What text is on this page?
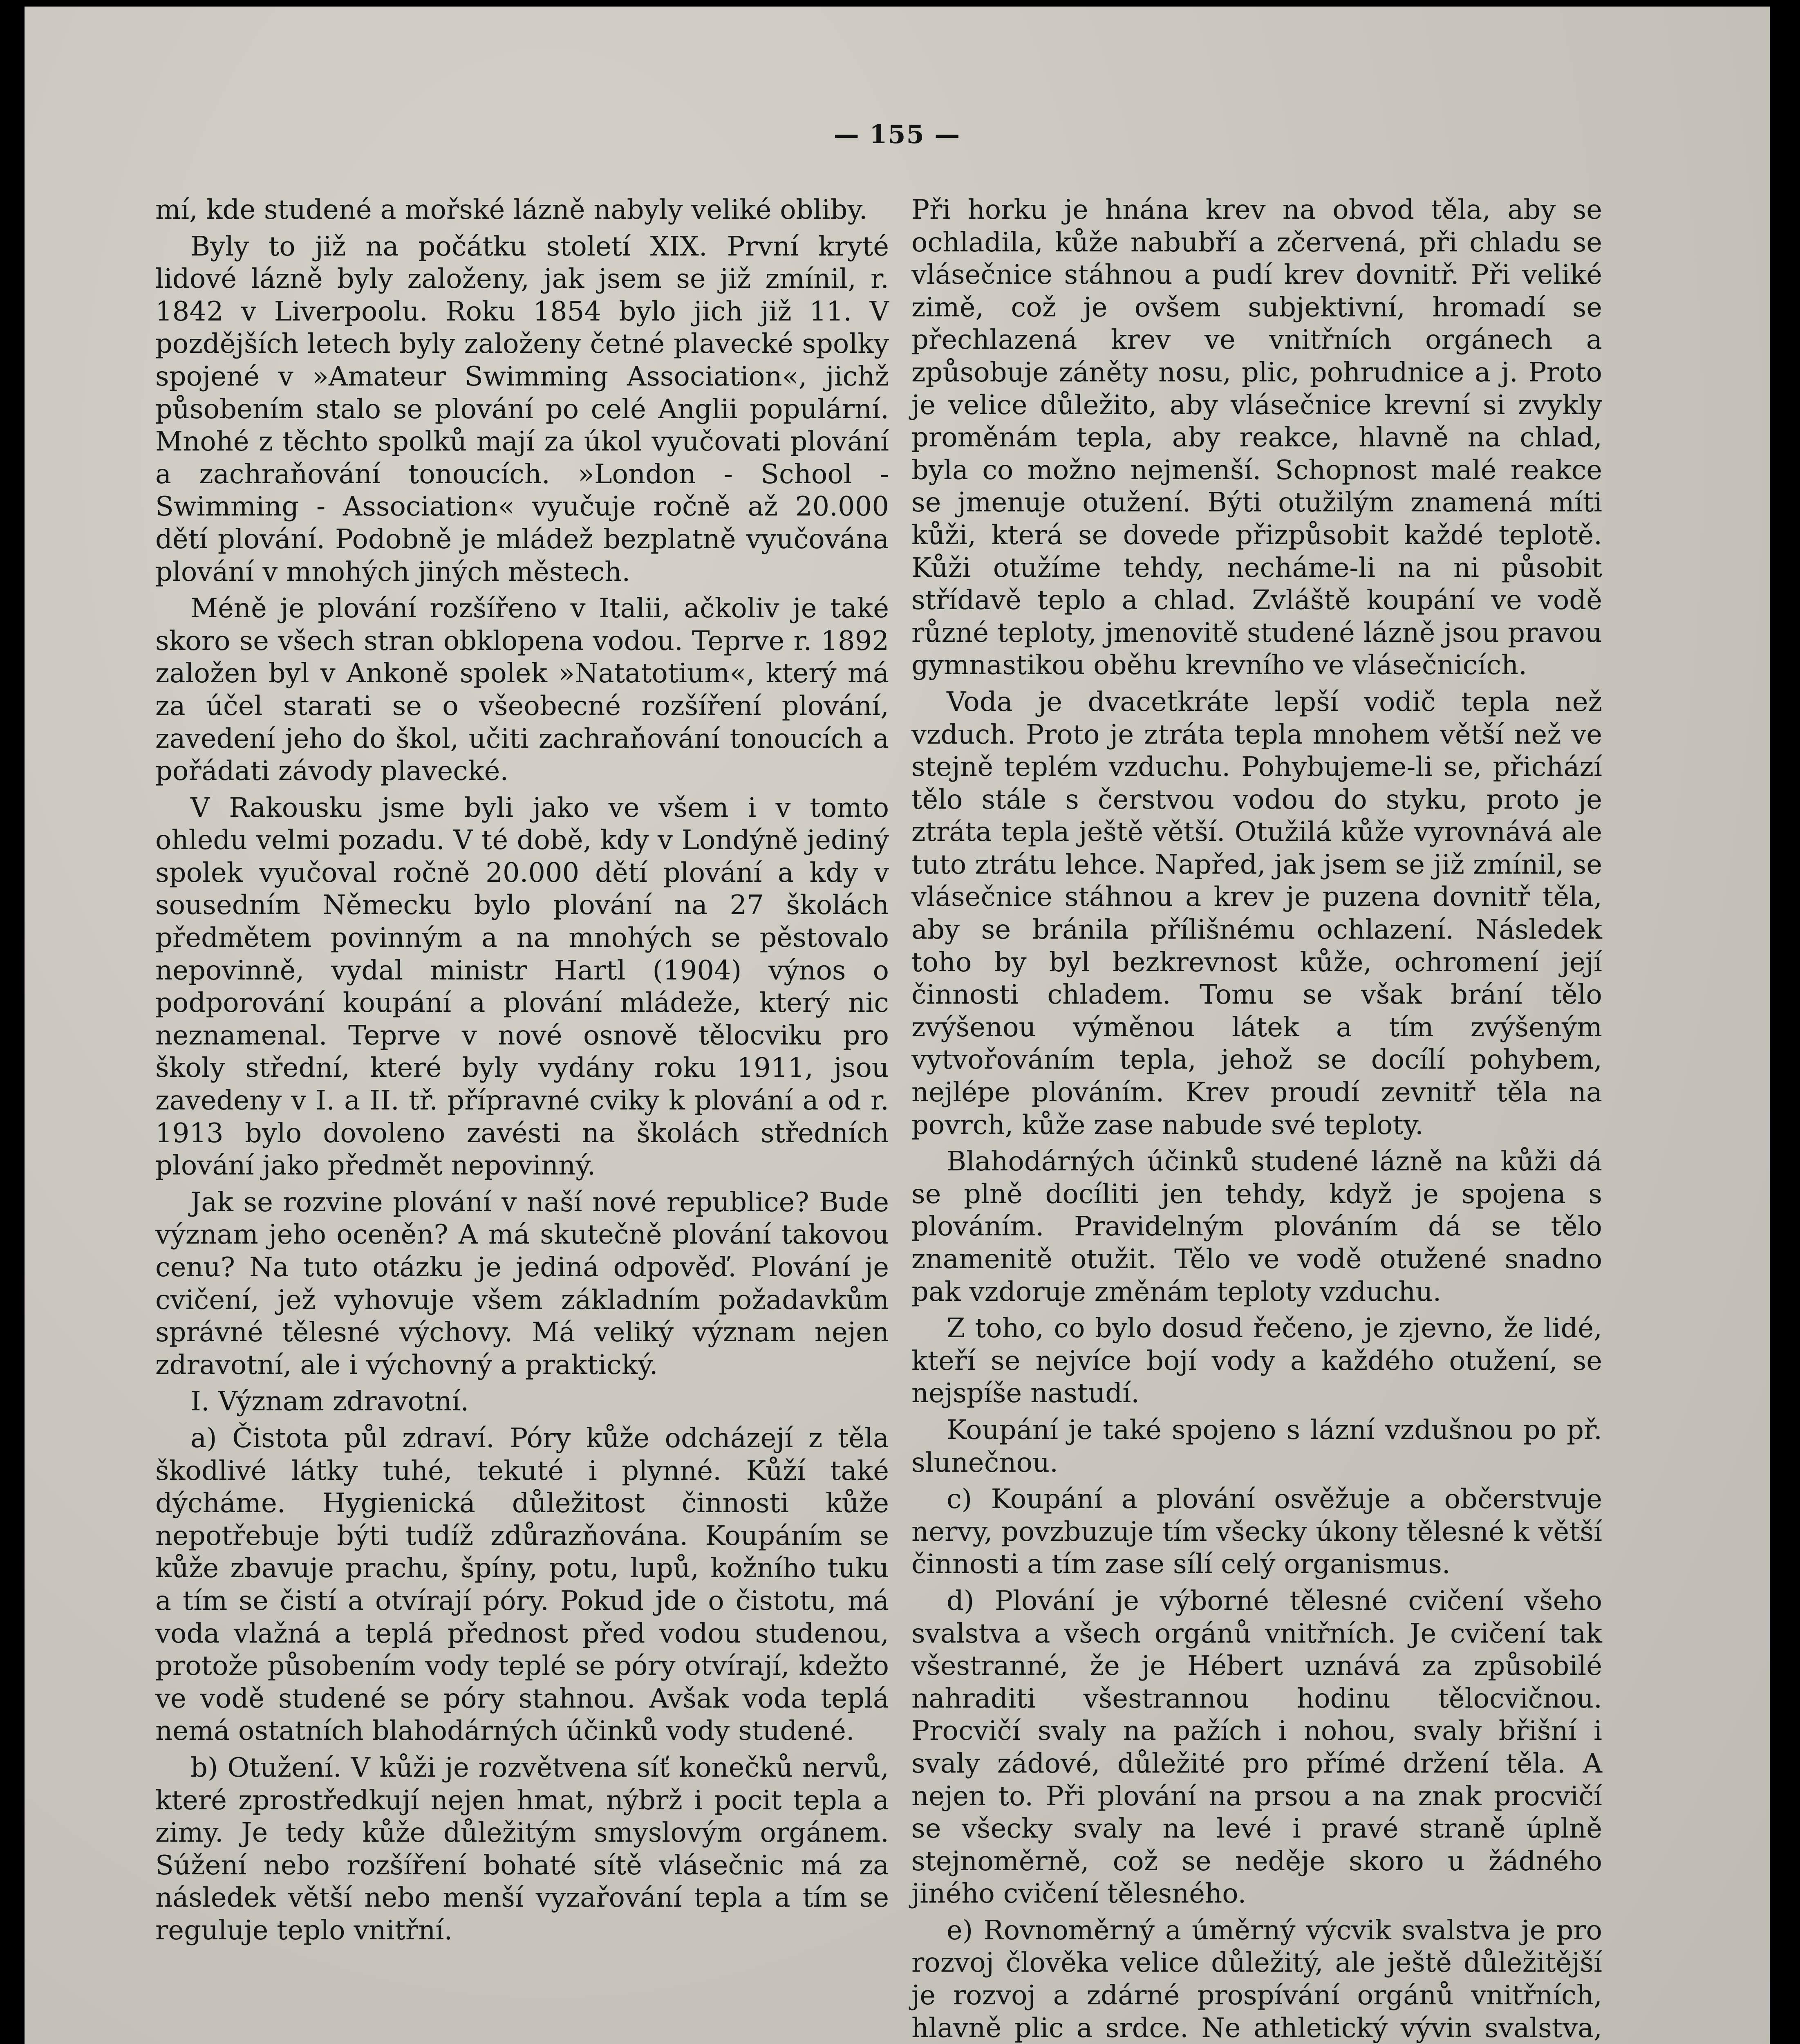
— 155 —

mí, kde studené a mořské lázně nabyly veliké obliby.

Byly to již na počátku století XIX. První kryté lidové lázně byly založeny, jak jsem se již zmínil, r. 1842 v Liverpoolu. Roku 1854 bylo jich již 11. V pozdějších letech byly založeny četné plavecké spolky spojené v »Amateur Swimming Association«, jichž působením stalo se plování po celé Anglii populární. Mnohé z těchto spolků mají za úkol vyučovati plování a zachraňování tonoucích. »London - School - Swimming - Association« vyučuje ročně až 20.000 dětí plování. Podobně je mládež bezplatně vyučována plování v mnohých jiných městech.

Méně je plování rozšířeno v Italii, ačkoliv je také skoro se všech stran obklopena vodou. Teprve r. 1892 založen byl v Ankoně spolek »Natatotium«, který má za účel starati se o všeobecné rozšíření plování, zavedení jeho do škol, učiti zachraňování tonoucích a pořádati závody plavecké.

V Rakousku jsme byli jako ve všem i v tomto ohledu velmi pozadu. V té době, kdy v Londýně jediný spolek vyučoval ročně 20.000 dětí plování a kdy v sousedním Německu bylo plování na 27 školách předmětem povinným a na mnohých se pěstovalo nepovinně, vydal ministr Hartl (1904) výnos o podporování koupání a plování mládeže, který nic neznamenal. Teprve v nové osnově tělocviku pro školy střední, které byly vydány roku 1911, jsou zavedeny v I. a II. tř. přípravné cviky k plování a od r. 1913 bylo dovoleno zavésti na školách středních plování jako předmět nepovinný.

Jak se rozvine plování v naší nové republice? Bude význam jeho oceněn? A má skutečně plování takovou cenu? Na tuto otázku je jediná odpověď. Plování je cvičení, jež vyhovuje všem základním požadavkům správné tělesné výchovy. Má veliký význam nejen zdravotní, ale i výchovný a praktický.

I. Význam zdravotní.

a) Čistota půl zdraví. Póry kůže odcházejí z těla škodlivé látky tuhé, tekuté i plynné. Kůží také dýcháme. Hygienická důležitost činnosti kůže nepotřebuje býti tudíž zdůrazňována. Koupáním se kůže zbavuje prachu, špíny, potu, lupů, kožního tuku a tím se čistí a otvírají póry. Pokud jde o čistotu, má voda vlažná a teplá přednost před vodou studenou, protože působením vody teplé se póry otvírají, kdežto ve vodě studené se póry stahnou. Avšak voda teplá nemá ostatních blahodárných účinků vody studené.

b) Otužení. V kůži je rozvětvena síť konečků nervů, které zprostředkují nejen hmat, nýbrž i pocit tepla a zimy. Je tedy kůže důležitým smyslovým orgánem. Súžení nebo rozšíření bohaté sítě vlásečnic má za následek větší nebo menší vyzařování tepla a tím se reguluje teplo vnitřní.

Při horku je hnána krev na obvod těla, aby se ochladila, kůže nabubří a zčervená, při chladu se vlásečnice stáhnou a pudí krev dovnitř. Při veliké zimě, což je ovšem subjektivní, hromadí se přechlazená krev ve vnitřních orgánech a způsobuje záněty nosu, plic, pohrudnice a j. Proto je velice důležito, aby vlásečnice krevní si zvykly proměnám tepla, aby reakce, hlavně na chlad, byla co možno nejmenší. Schopnost malé reakce se jmenuje otužení. Býti otužilým znamená míti kůži, která se dovede přizpůsobit každé teplotě. Kůži otužíme tehdy, necháme-li na ni působit střídavě teplo a chlad. Zvláště koupání ve vodě různé teploty, jmenovitě studené lázně jsou pravou gymnastikou oběhu krevního ve vlásečnicích.

Voda je dvacetkráte lepší vodič tepla než vzduch. Proto je ztráta tepla mnohem větší než ve stejně teplém vzduchu. Pohybujeme-li se, přichází tělo stále s čerstvou vodou do styku, proto je ztráta tepla ještě větší. Otužilá kůže vyrovnává ale tuto ztrátu lehce. Napřed, jak jsem se již zmínil, se vlásečnice stáhnou a krev je puzena dovnitř těla, aby se bránila přílišnému ochlazení. Následek toho by byl bezkrevnost kůže, ochromení její činnosti chladem. Tomu se však brání tělo zvýšenou výměnou látek a tím zvýšeným vytvořováním tepla, jehož se docílí pohybem, nejlépe plováním. Krev proudí zevnitř těla na povrch, kůže zase nabude své teploty.

Blahodárných účinků studené lázně na kůži dá se plně docíliti jen tehdy, když je spojena s plováním. Pravidelným plováním dá se tělo znamenitě otužit. Tělo ve vodě otužené snadno pak vzdoruje změnám teploty vzduchu.

Z toho, co bylo dosud řečeno, je zjevno, že lidé, kteří se nejvíce bojí vody a každého otužení, se nejspíše nastudí.

Koupání je také spojeno s lázní vzdušnou po př. slunečnou.

c) Koupání a plování osvěžuje a občerstvuje nervy, povzbuzuje tím všecky úkony tělesné k větší činnosti a tím zase sílí celý organismus.

d) Plování je výborné tělesné cvičení všeho svalstva a všech orgánů vnitřních. Je cvičení tak všestranné, že je Hébert uznává za způsobilé nahraditi všestrannou hodinu tělocvičnou. Procvičí svaly na pažích i nohou, svaly břišní i svaly zádové, důležité pro přímé držení těla. A nejen to. Při plování na prsou a na znak procvičí se všecky svaly na levé i pravé straně úplně stejnoměrně, což se neděje skoro u žádného jiného cvičení tělesného.

e) Rovnoměrný a úměrný výcvik svalstva je pro rozvoj člověka velice důležitý, ale ještě důležitější je rozvoj a zdárné prospívání orgánů vnitřních, hlavně plic a srdce. Ne athletický vývin svalstva,
